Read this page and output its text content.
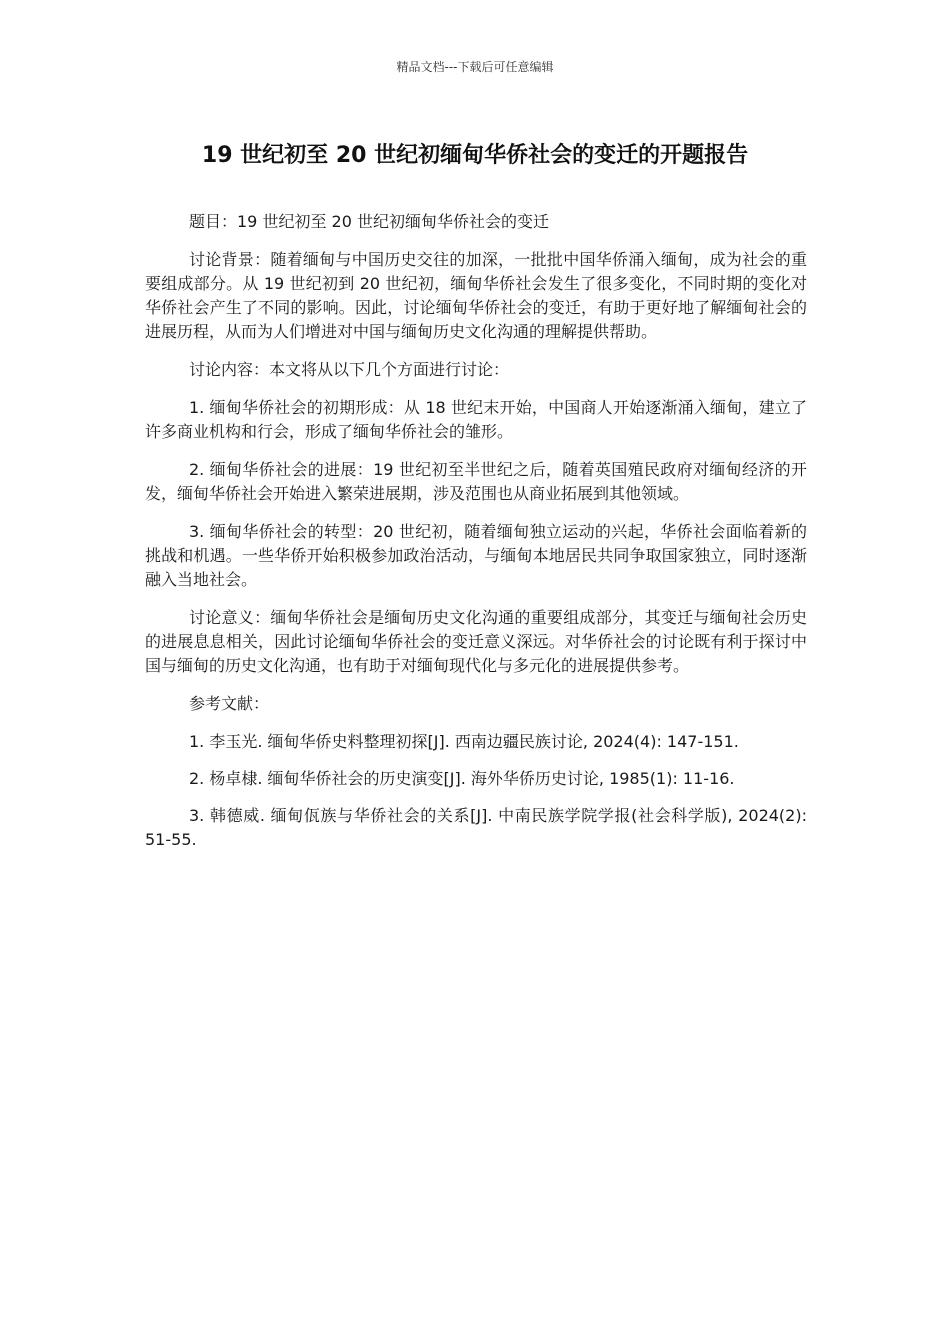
精品文档---下载后可任意编辑
19 世纪初至 20 世纪初缅甸华侨社会的变迁的开题报告

题目：19 世纪初至 20 世纪初缅甸华侨社会的变迁

讨论背景：随着缅甸与中国历史交往的加深，一批批中国华侨涌入缅甸，成为社会的重要组成部分。从 19 世纪初到 20 世纪初，缅甸华侨社会发生了很多变化，不同时期的变化对华侨社会产生了不同的影响。因此，讨论缅甸华侨社会的变迁，有助于更好地了解缅甸社会的进展历程，从而为人们增进对中国与缅甸历史文化沟通的理解提供帮助。

讨论内容：本文将从以下几个方面进行讨论：

1. 缅甸华侨社会的初期形成：从 18 世纪末开始，中国商人开始逐渐涌入缅甸，建立了许多商业机构和行会，形成了缅甸华侨社会的雏形。

2. 缅甸华侨社会的进展：19 世纪初至半世纪之后，随着英国殖民政府对缅甸经济的开发，缅甸华侨社会开始进入繁荣进展期，涉及范围也从商业拓展到其他领域。

3. 缅甸华侨社会的转型：20 世纪初，随着缅甸独立运动的兴起，华侨社会面临着新的挑战和机遇。一些华侨开始积极参加政治活动，与缅甸本地居民共同争取国家独立，同时逐渐融入当地社会。

讨论意义：缅甸华侨社会是缅甸历史文化沟通的重要组成部分，其变迁与缅甸社会历史的进展息息相关，因此讨论缅甸华侨社会的变迁意义深远。对华侨社会的讨论既有利于探讨中国与缅甸的历史文化沟通，也有助于对缅甸现代化与多元化的进展提供参考。

参考文献：

1. 李玉光. 缅甸华侨史料整理初探[J]. 西南边疆民族讨论, 2024(4): 147-151.

2. 杨卓棣. 缅甸华侨社会的历史演变[J]. 海外华侨历史讨论, 1985(1): 11-16.

3. 韩德威. 缅甸佤族与华侨社会的关系[J]. 中南民族学院学报(社会科学版), 2024(2): 51-55.
